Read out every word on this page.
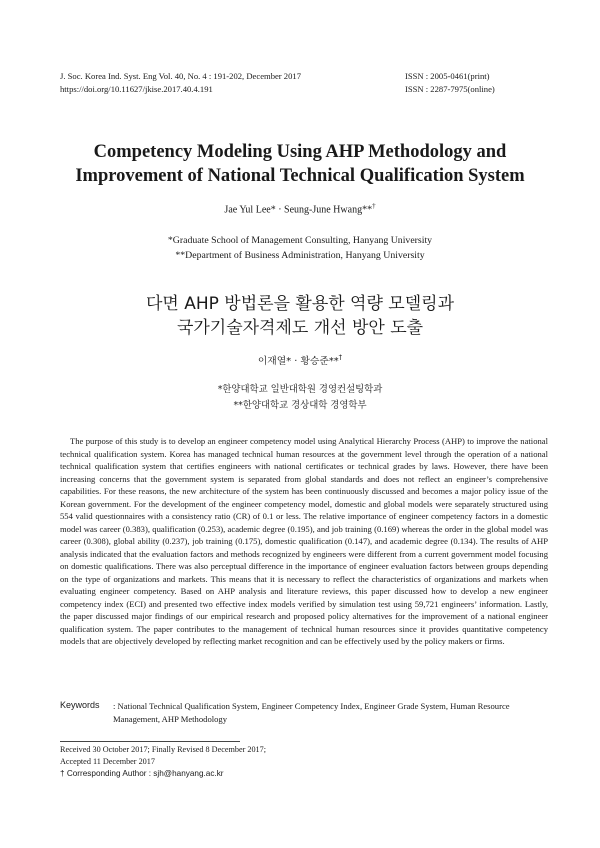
J. Soc. Korea Ind. Syst. Eng Vol. 40, No. 4 : 191-202, December 2017
https://doi.org/10.11627/jkise.2017.40.4.191
ISSN : 2005-0461(print)
ISSN : 2287-7975(online)
Competency Modeling Using AHP Methodology and
Improvement of National Technical Qualification System
Jae Yul Lee* · Seung-June Hwang**†
*Graduate School of Management Consulting, Hanyang University
**Department of Business Administration, Hanyang University
다면 AHP 방법론을 활용한 역량 모델링과
국가기술자격제도 개선 방안 도출
이재열* · 황승준**†
*한양대학교 일반대학원 경영컨설팅학과
**한양대학교 경상대학 경영학부
The purpose of this study is to develop an engineer competency model using Analytical Hierarchy Process (AHP) to improve the national technical qualification system. Korea has managed technical human resources at the government level through the operation of a national technical qualification system that certifies engineers with national certificates or technical grades by laws. However, there have been increasing concerns that the government system is separated from global standards and does not reflect an engineer’s comprehensive capabilities. For these reasons, the new architecture of the system has been continuously discussed and becomes a major policy issue of the Korean government. For the development of the engineer competency model, domestic and global models were separately structured using 554 valid questionnaires with a consistency ratio (CR) of 0.1 or less. The relative importance of engineer competency factors in a domestic model was career (0.383), qualification (0.253), academic degree (0.195), and job training (0.169) whereas the order in the global model was career (0.308), global ability (0.237), job training (0.175), domestic qualification (0.147), and academic degree (0.134). The results of AHP analysis indicated that the evaluation factors and methods recognized by engineers were different from a current government model focusing on domestic qualifications. There was also perceptual difference in the importance of engineer evaluation factors between groups depending on the type of organizations and markets. This means that it is necessary to reflect the characteristics of organizations and markets when evaluating engineer competency. Based on AHP analysis and literature reviews, this paper discussed how to develop a new engineer competency index (ECI) and presented two effective index models verified by simulation test using 59,721 engineers’ information. Lastly, the paper discussed major findings of our empirical research and proposed policy alternatives for the improvement of a national engineer qualification system. The paper contributes to the management of technical human resources since it provides quantitative competency models that are objectively developed by reflecting market recognition and can be effectively used by the policy makers or firms.
Keywords : National Technical Qualification System, Engineer Competency Index, Engineer Grade System, Human Resource Management, AHP Methodology
Received 30 October 2017; Finally Revised 8 December 2017;
Accepted 11 December 2017
† Corresponding Author : sjh@hanyang.ac.kr
